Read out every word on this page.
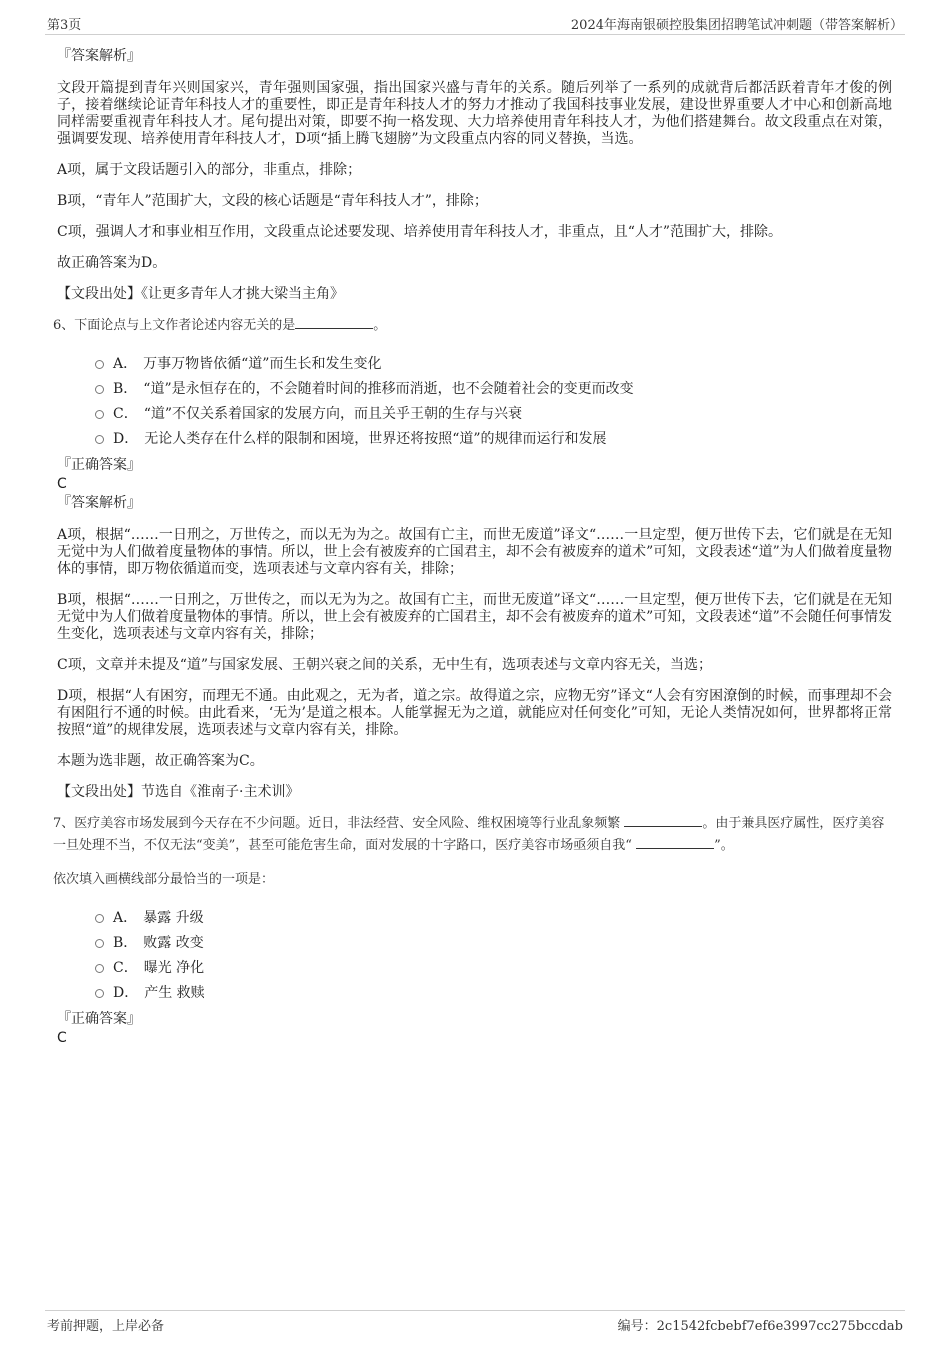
第3页	2024年海南银硕控股集团招聘笔试冲刺题（带答案解析）

『答案解析』

文段开篇提到青年兴则国家兴，青年强则国家强，指出国家兴盛与青年的关系。随后列举了一系列的成就背后都活跃着青年才俊的例子，接着继续论证青年科技人才的重要性，即正是青年科技人才的努力才推动了我国科技事业发展，建设世界重要人才中心和创新高地同样需要重视青年科技人才。尾句提出对策，即要不拘一格发现、大力培养使用青年科技人才，为他们搭建舞台。故文段重点在对策，强调要发现、培养使用青年科技人才，D项“插上腾飞翅膀”为文段重点内容的同义替换，当选。

A项，属于文段话题引入的部分，非重点，排除；

B项，“青年人”范围扩大，文段的核心话题是“青年科技人才”，排除；

C项，强调人才和事业相互作用，文段重点论述要发现、培养使用青年科技人才，非重点，且“人才”范围扩大，排除。

故正确答案为D。

【文段出处】《让更多青年人才挑大梁当主角》

6、下面论点与上文作者论述内容无关的是	。

A． 万事万物皆依循“道”而生长和发生变化
B． “道”是永恒存在的，不会随着时间的推移而消逝，也不会随着社会的变更而改变
C． “道”不仅关系着国家的发展方向，而且关乎王朝的生存与兴衰
D． 无论人类存在什么样的限制和困境，世界还将按照“道”的规律而运行和发展

『正确答案』

C

『答案解析』

A项，根据“……一日刑之，万世传之，而以无为为之。故国有亡主，而世无废道”译文“……一旦定型，便万世传下去，它们就是在无知无觉中为人们做着度量物体的事情。所以，世上会有被废弃的亡国君主，却不会有被废弃的道术”可知，文段表述“道”为人们做着度量物体的事情，即万物依循道而变，选项表述与文章内容有关，排除；

B项，根据“……一日刑之，万世传之，而以无为为之。故国有亡主，而世无废道”译文“……一旦定型，便万世传下去，它们就是在无知无觉中为人们做着度量物体的事情。所以，世上会有被废弃的亡国君主，却不会有被废弃的道术”可知，文段表述“道”不会随任何事情发生变化，选项表述与文章内容有关，排除；

C项，文章并未提及“道”与国家发展、王朝兴衰之间的关系，无中生有，选项表述与文章内容无关，当选；

D项，根据“人有困穷，而理无不通。由此观之，无为者，道之宗。故得道之宗，应物无穷”译文“人会有穷困潦倒的时候，而事理却不会有困阻行不通的时候。由此看来，‘无为’是道之根本。人能掌握无为之道，就能应对任何变化”可知，无论人类情况如何，世界都将正常按照“道”的规律发展，选项表述与文章内容有关，排除。

本题为选非题，故正确答案为C。

【文段出处】节选自《淮南子·主术训》

7、医疗美容市场发展到今天存在不少问题。近日，非法经营、安全风险、维权困境等行业乱象频繁	。由于兼具医疗属性，医疗美容一旦处理不当，不仅无法“变美”，甚至可能危害生命，面对发展的十字路口，医疗美容市场亟须自我“	”。

依次填入画横线部分最恰当的一项是：

A． 暴露 升级
B． 败露 改变
C． 曝光 净化
D． 产生 救赎

『正确答案』

C

考前押题，上岸必备	编号：2c1542fcbebf7ef6e3997cc275bccdab
